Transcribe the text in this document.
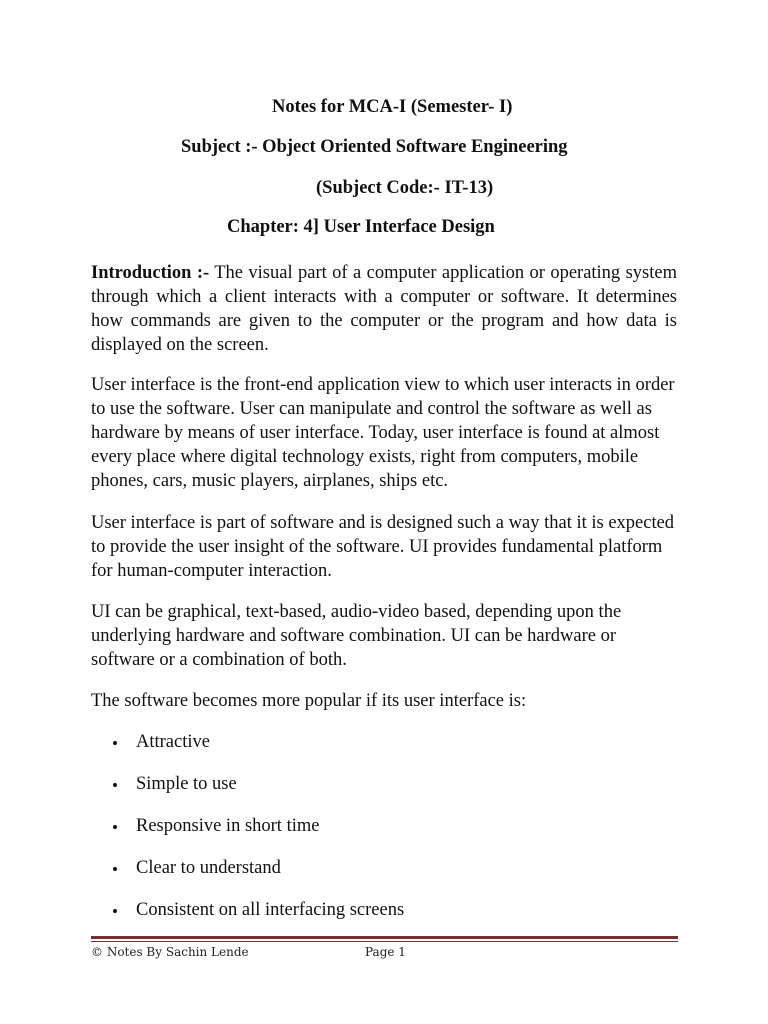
Notes for MCA-I (Semester- I)
Subject :- Object Oriented Software Engineering
(Subject Code:- IT-13)
Chapter: 4] User Interface Design

Introduction :- The visual part of a computer application or operating system through which a client interacts with a computer or software. It determines how commands are given to the computer or the program and how data is displayed on the screen.

User interface is the front-end application view to which user interacts in order to use the software. User can manipulate and control the software as well as hardware by means of user interface. Today, user interface is found at almost every place where digital technology exists, right from computers, mobile phones, cars, music players, airplanes, ships etc.

User interface is part of software and is designed such a way that it is expected to provide the user insight of the software. UI provides fundamental platform for human-computer interaction.

UI can be graphical, text-based, audio-video based, depending upon the underlying hardware and software combination. UI can be hardware or software or a combination of both.

The software becomes more popular if its user interface is:

Attractive
Simple to use
Responsive in short time
Clear to understand
Consistent on all interfacing screens
© Notes By Sachin Lende	Page 1
